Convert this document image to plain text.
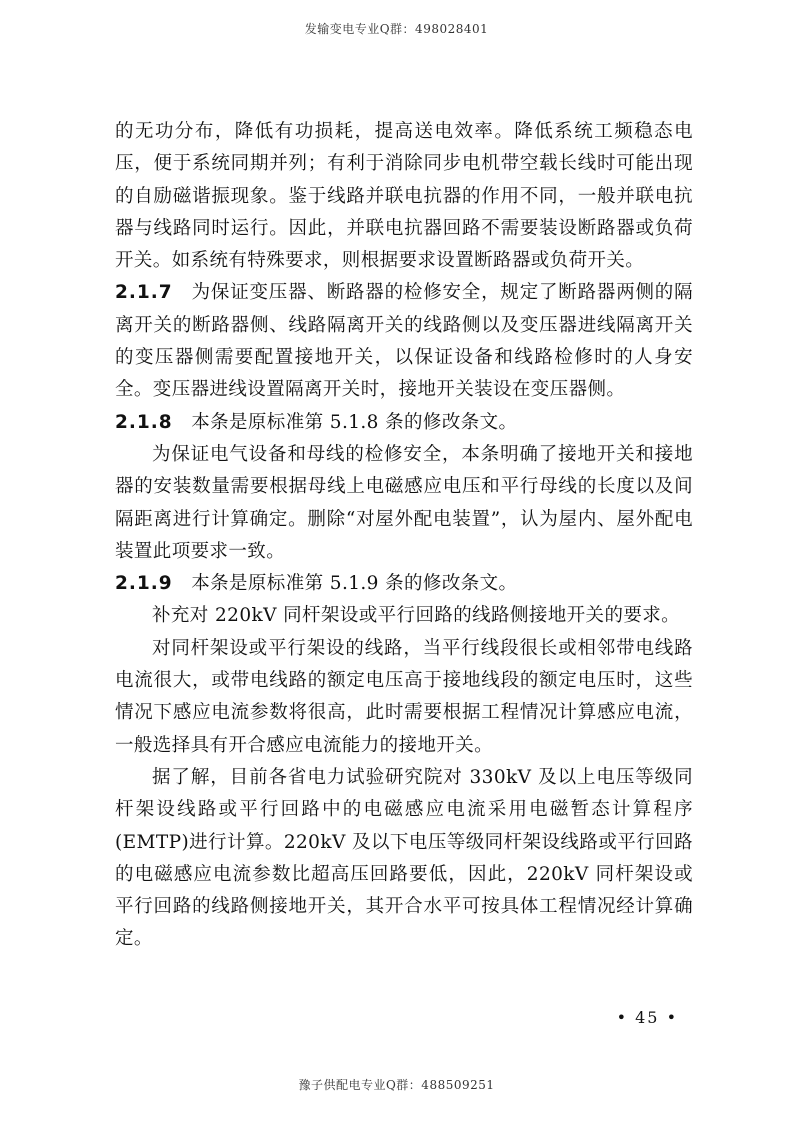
发输变电专业Q群：498028401

的无功分布，降低有功损耗，提高送电效率。降低系统工频稳态电压，便于系统同期并列；有利于消除同步电机带空载长线时可能出现的自励磁谐振现象。鉴于线路并联电抗器的作用不同，一般并联电抗器与线路同时运行。因此，并联电抗器回路不需要装设断路器或负荷开关。如系统有特殊要求，则根据要求设置断路器或负荷开关。

2.1.7 为保证变压器、断路器的检修安全，规定了断路器两侧的隔离开关的断路器侧、线路隔离开关的线路侧以及变压器进线隔离开关的变压器侧需要配置接地开关，以保证设备和线路检修时的人身安全。变压器进线设置隔离开关时，接地开关装设在变压器侧。

2.1.8 本条是原标准第 5.1.8 条的修改条文。

为保证电气设备和母线的检修安全，本条明确了接地开关和接地器的安装数量需要根据母线上电磁感应电压和平行母线的长度以及间隔距离进行计算确定。删除“对屋外配电装置”，认为屋内、屋外配电装置此项要求一致。

2.1.9 本条是原标准第 5.1.9 条的修改条文。

补充对 220kV 同杆架设或平行回路的线路侧接地开关的要求。

对同杆架设或平行架设的线路，当平行线段很长或相邻带电线路电流很大，或带电线路的额定电压高于接地线段的额定电压时，这些情况下感应电流参数将很高，此时需要根据工程情况计算感应电流，一般选择具有开合感应电流能力的接地开关。

据了解，目前各省电力试验研究院对 330kV 及以上电压等级同杆架设线路或平行回路中的电磁感应电流采用电磁暂态计算程序(EMTP)进行计算。220kV 及以下电压等级同杆架设线路或平行回路的电磁感应电流参数比超高压回路要低，因此，220kV 同杆架设或平行回路的线路侧接地开关，其开合水平可按具体工程情况经计算确定。

• 45 •
豫子供配电专业Q群：488509251
